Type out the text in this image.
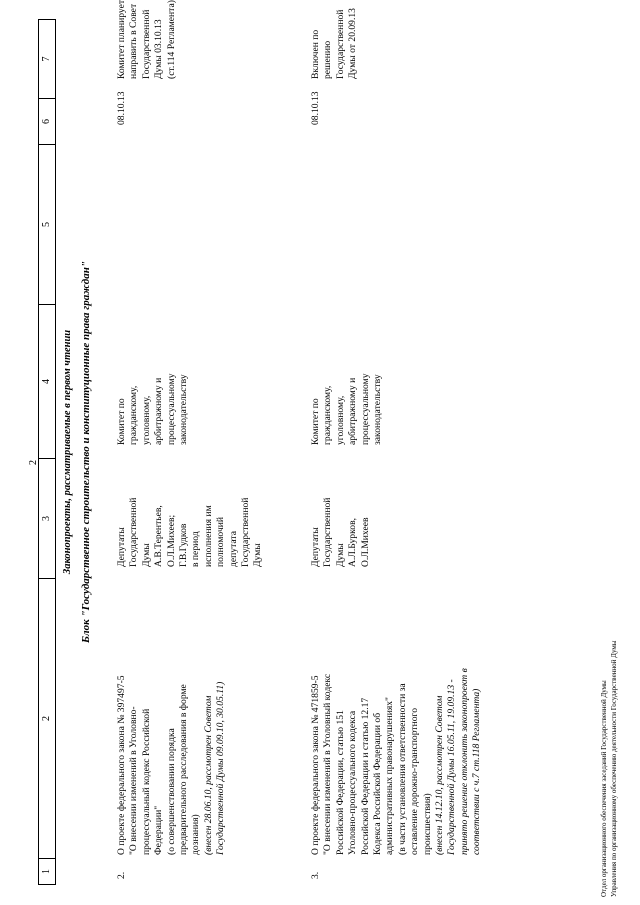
2
1
2
3
4
5
6
7
Законопроекты, рассматриваемые в первом чтении Блок "Государственное строительство и конституционные права граждан"
2.
О проекте федерального закона № 397497-5 "О внесении изменений в Уголовно- процессуальный кодекс Российской Федерации" (о совершенствовании порядка предварительного расследования в форме дознания) (внесен 28.06.10, рассмотрен Советом Государственной Думы 09.09.10, 30.05.11)
Депутаты Государственной Думы А.В.Терентьев, О.Л.Михеев; Г.В.Гудков в период исполнения им полномочий депутата Государственной Думы
Комитет по гражданскому, уголовному, арбитражному и процессуальному законодательству
08.10.13
Комитет планирует направить в Совет Государственной Думы 03.10.13 (ст.114 Регламента)
3.
О проекте федерального закона № 471859-5 "О внесении изменений в Уголовный кодекс Российской Федерации, статью 151 Уголовно-процессуального кодекса Российской Федерации и статью 12.17 Кодекса Российской Федерации об административных правонарушениях" (в части установления ответственности за оставление дорожно-транспортного происшествия) (внесен 14.12.10, рассмотрен Советом Государственной Думы 16.05.11, 19.09.13 - принято решение отклонить законопроект в соответствии с ч.7 ст.118 Регламента)
Депутаты Государственной Думы А.Л.Бурков, О.Л.Михеев
Комитет по гражданскому, уголовному, арбитражному и процессуальному законодательству
08.10.13
Включен по решению Государственной Думы от 20.09.13
Отдел организационного обеспечения заседаний Государственной Думы Управления по организационному обеспечению деятельности Государственной Думы
